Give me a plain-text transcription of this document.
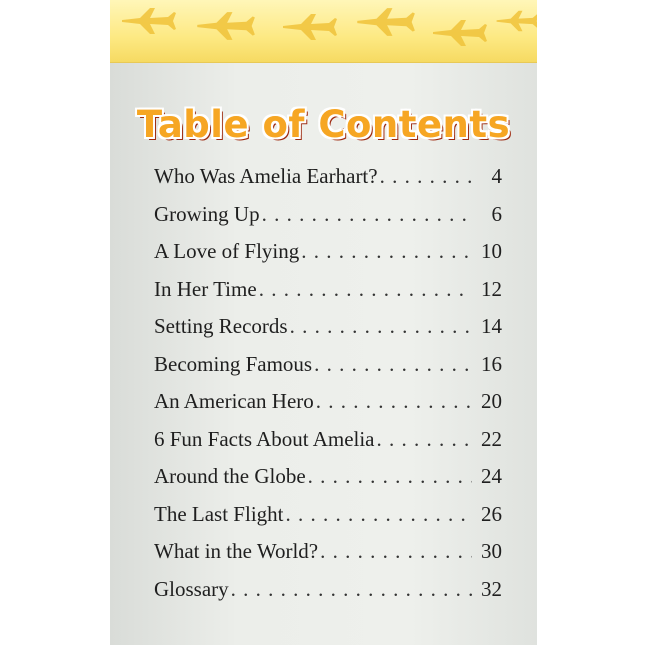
Table of Contents
Who Was Amelia Earhart? . . .	4
Growing Up . . .	6
A Love of Flying . . .	10
In Her Time . . .	12
Setting Records . . .	14
Becoming Famous . . .	16
An American Hero . . .	20
6 Fun Facts About Amelia . . .	22
Around the Globe . . .	24
The Last Flight . . .	26
What in the World? . . .	30
Glossary . . .	32
